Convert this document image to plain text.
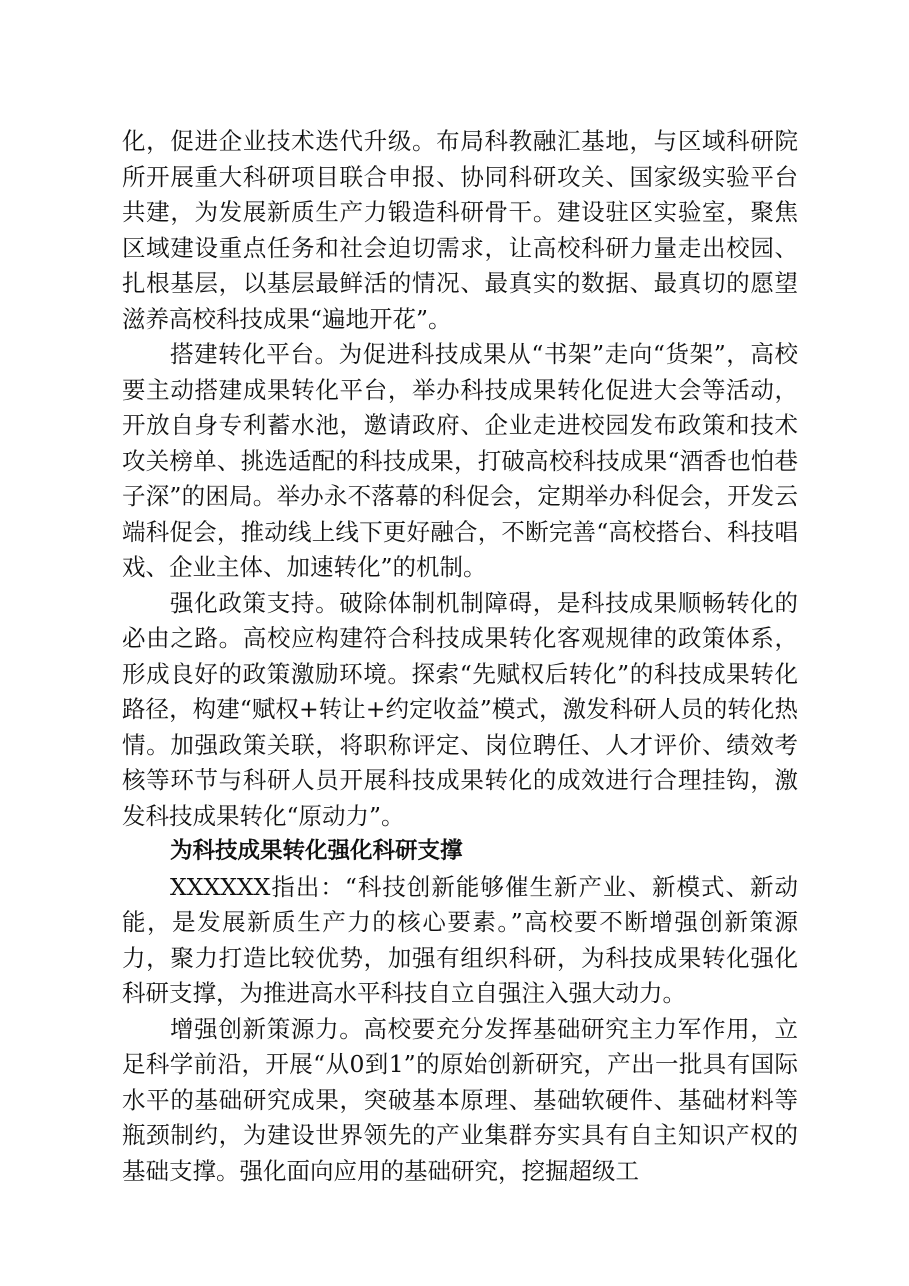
化，促进企业技术迭代升级。布局科教融汇基地，与区域科研院所开展重大科研项目联合申报、协同科研攻关、国家级实验平台共建，为发展新质生产力锻造科研骨干。建设驻区实验室，聚焦区域建设重点任务和社会迫切需求，让高校科研力量走出校园、扎根基层，以基层最鲜活的情况、最真实的数据、最真切的愿望滋养高校科技成果“遍地开花”。

搭建转化平台。为促进科技成果从“书架”走向“货架”，高校要主动搭建成果转化平台，举办科技成果转化促进大会等活动，开放自身专利蓄水池，邀请政府、企业走进校园发布政策和技术攻关榜单、挑选适配的科技成果，打破高校科技成果“酒香也怕巷子深”的困局。举办永不落幕的科促会，定期举办科促会，开发云端科促会，推动线上线下更好融合，不断完善“高校搭台、科技唱戏、企业主体、加速转化”的机制。

强化政策支持。破除体制机制障碍，是科技成果顺畅转化的必由之路。高校应构建符合科技成果转化客观规律的政策体系，形成良好的政策激励环境。探索“先赋权后转化”的科技成果转化路径，构建“赋权+转让+约定收益”模式，激发科研人员的转化热情。加强政策关联，将职称评定、岗位聘任、人才评价、绩效考核等环节与科研人员开展科技成果转化的成效进行合理挂钩，激发科技成果转化“原动力”。

为科技成果转化强化科研支撑

XXXXXX指出：“科技创新能够催生新产业、新模式、新动能，是发展新质生产力的核心要素。”高校要不断增强创新策源力，聚力打造比较优势，加强有组织科研，为科技成果转化强化科研支撑，为推进高水平科技自立自强注入强大动力。

增强创新策源力。高校要充分发挥基础研究主力军作用，立足科学前沿，开展“从0到1”的原始创新研究，产出一批具有国际水平的基础研究成果，突破基本原理、基础软硬件、基础材料等瓶颈制约，为建设世界领先的产业集群夯实具有自主知识产权的基础支撑。强化面向应用的基础研究，挖掘超级工
